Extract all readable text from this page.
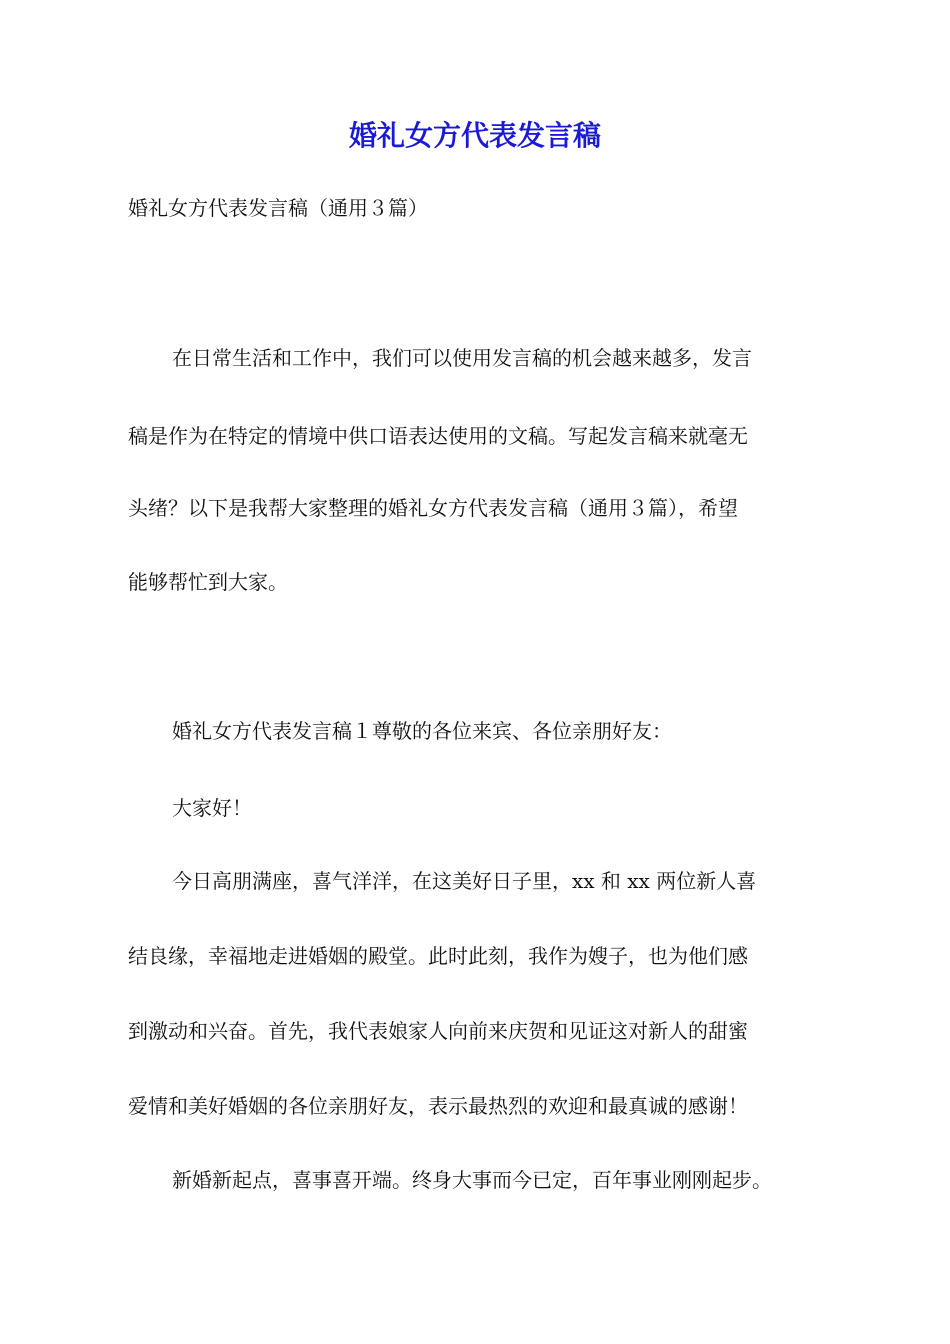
婚礼女方代表发言稿
婚礼女方代表发言稿（通用３篇）
在日常生活和工作中，我们可以使用发言稿的机会越来越多，发言
稿是作为在特定的情境中供口语表达使用的文稿。写起发言稿来就毫无
头绪？以下是我帮大家整理的婚礼女方代表发言稿（通用３篇），希望
能够帮忙到大家。
婚礼女方代表发言稿１尊敬的各位来宾、各位亲朋好友：
大家好！
今日高朋满座，喜气洋洋，在这美好日子里，xx 和 xx 两位新人喜
结良缘，幸福地走进婚姻的殿堂。此时此刻，我作为嫂子，也为他们感
到激动和兴奋。首先，我代表娘家人向前来庆贺和见证这对新人的甜蜜
爱情和美好婚姻的各位亲朋好友，表示最热烈的欢迎和最真诚的感谢！
新婚新起点，喜事喜开端。终身大事而今已定，百年事业刚刚起步。
